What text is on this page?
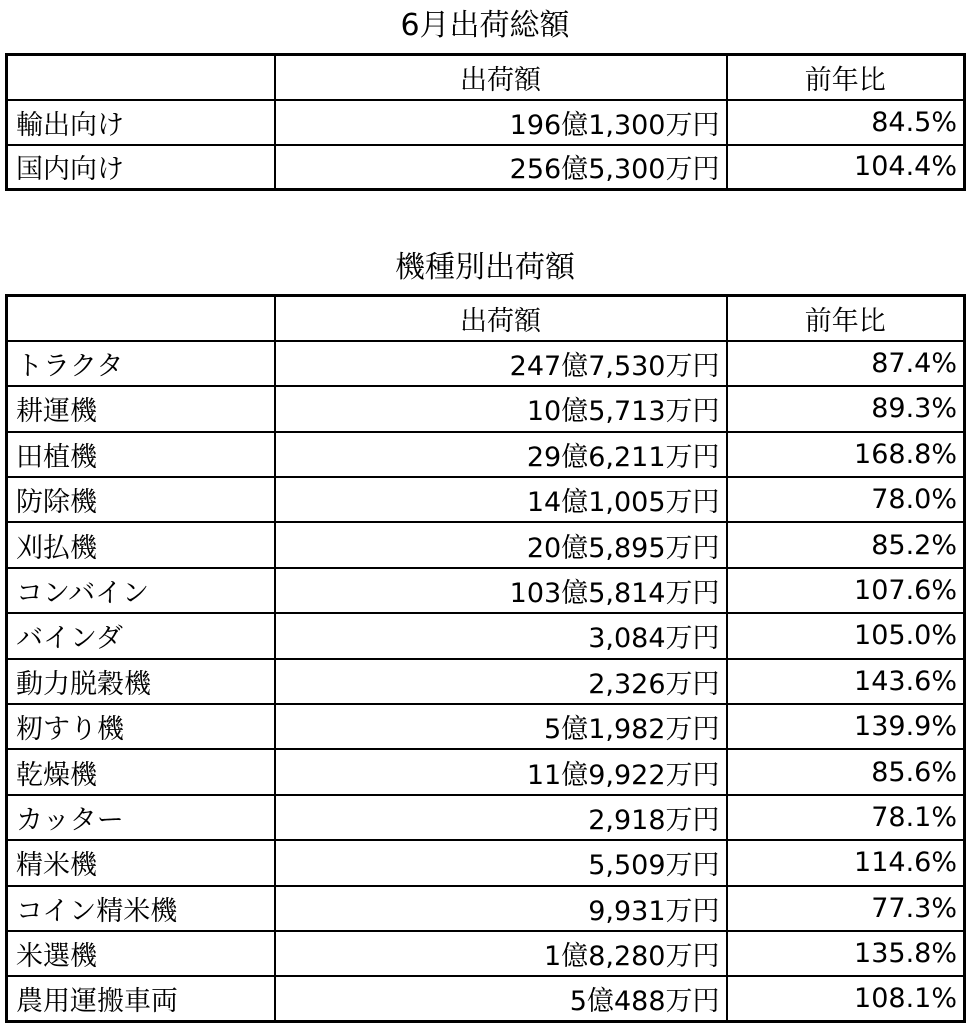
6月出荷総額
	出荷額	前年比
輸出向け	196億1,300万円	84.5%
国内向け	256億5,300万円	104.4%
機種別出荷額
	出荷額	前年比
トラクタ	247億7,530万円	87.4%
耕運機	10億5,713万円	89.3%
田植機	29億6,211万円	168.8%
防除機	14億1,005万円	78.0%
刈払機	20億5,895万円	85.2%
コンバイン	103億5,814万円	107.6%
バインダ	3,084万円	105.0%
動力脱穀機	2,326万円	143.6%
籾すり機	5億1,982万円	139.9%
乾燥機	11億9,922万円	85.6%
カッター	2,918万円	78.1%
精米機	5,509万円	114.6%
コイン精米機	9,931万円	77.3%
米選機	1億8,280万円	135.8%
農用運搬車両	5億488万円	108.1%
